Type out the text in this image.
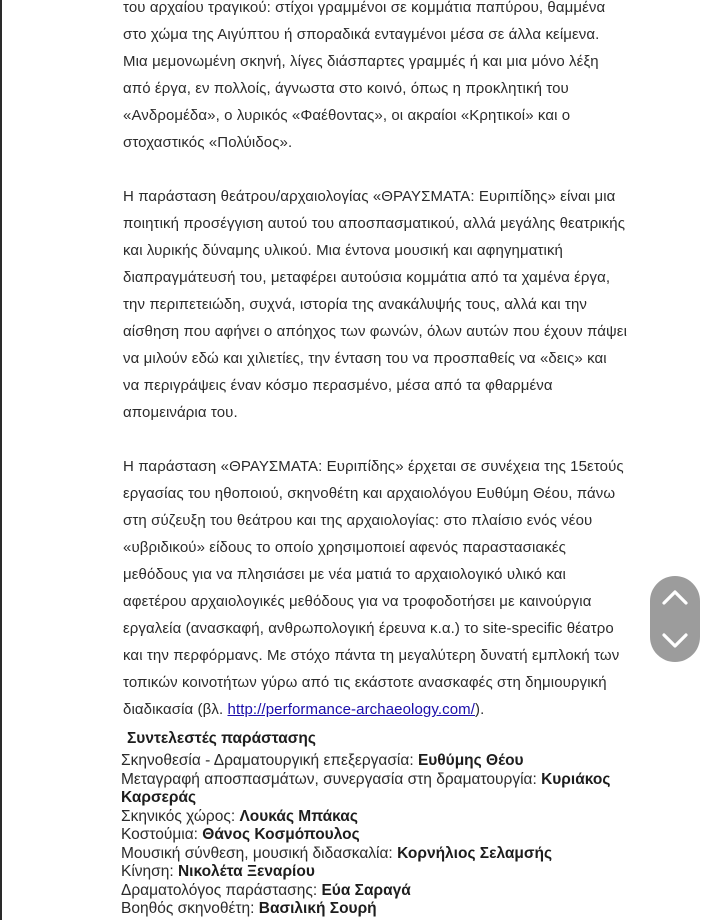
του αρχαίου τραγικού: στίχοι γραμμένοι σε κομμάτια παπύρου, θαμμένα
στο χώμα της Αιγύπτου ή σποραδικά ενταγμένοι μέσα σε άλλα κείμενα.
Μια μεμονωμένη σκηνή, λίγες διάσπαρτες γραμμές ή και μια μόνο λέξη
από έργα, εν πολλοίς, άγνωστα στο κοινό, όπως η προκλητική του
«Ανδρομέδα», ο λυρικός «Φαέθοντας», οι ακραίοι «Κρητικοί» και ο
στοχαστικός «Πολύιδος».

Η παράσταση θεάτρου/αρχαιολογίας «ΘΡΑΥΣΜΑΤΑ: Ευριπίδης» είναι μια
ποιητική προσέγγιση αυτού του αποσπασματικού, αλλά μεγάλης θεατρικής
και λυρικής δύναμης υλικού. Μια έντονα μουσική και αφηγηματική
διαπραγμάτευσή του, μεταφέρει αυτούσια κομμάτια από τα χαμένα έργα,
την περιπετειώδη, συχνά, ιστορία της ανακάλυψής τους, αλλά και την
αίσθηση που αφήνει ο απόηχος των φωνών, όλων αυτών που έχουν πάψει
να μιλούν εδώ και χιλιετίες, την ένταση του να προσπαθείς να «δεις» και
να περιγράψεις έναν κόσμο περασμένο, μέσα από τα φθαρμένα
απομεινάρια του.

Η παράσταση «ΘΡΑΥΣΜΑΤΑ: Ευριπίδης» έρχεται σε συνέχεια της 15ετούς
εργασίας του ηθοποιού, σκηνοθέτη και αρχαιολόγου Ευθύμη Θέου, πάνω
στη σύζευξη του θεάτρου και της αρχαιολογίας: στο πλαίσιο ενός νέου
«υβριδικού» είδους το οποίο χρησιμοποιεί αφενός παραστασιακές
μεθόδους για να πλησιάσει με νέα ματιά το αρχαιολογικό υλικό και
αφετέρου αρχαιολογικές μεθόδους για να τροφοδοτήσει με καινούργια
εργαλεία (ανασκαφή, ανθρωπολογική έρευνα κ.α.) το site-specific θέατρο
και την περφόρμανς. Με στόχο πάντα τη μεγαλύτερη δυνατή εμπλοκή των
τοπικών κοινοτήτων γύρω από τις εκάστοτε ανασκαφές στη δημιουργική
διαδικασία (βλ. http://performance-archaeology.com/).

Συντελεστές παράστασης
Σκηνοθεσία - Δραματουργική επεξεργασία: Ευθύμης Θέου
Μεταγραφή αποσπασμάτων, συνεργασία στη δραματουργία: Κυριάκος
Καρσεράς
Σκηνικός χώρος: Λουκάς Μπάκας
Κοστούμια: Θάνος Κοσμόπουλος
Μουσική σύνθεση, μουσική διδασκαλία: Κορνήλιος Σελαμσής
Κίνηση: Νικολέτα Ξεναρίου
Δραματολόγος παράστασης: Εύα Σαραγά
Βοηθός σκηνοθέτη: Βασιλική Σουρή
